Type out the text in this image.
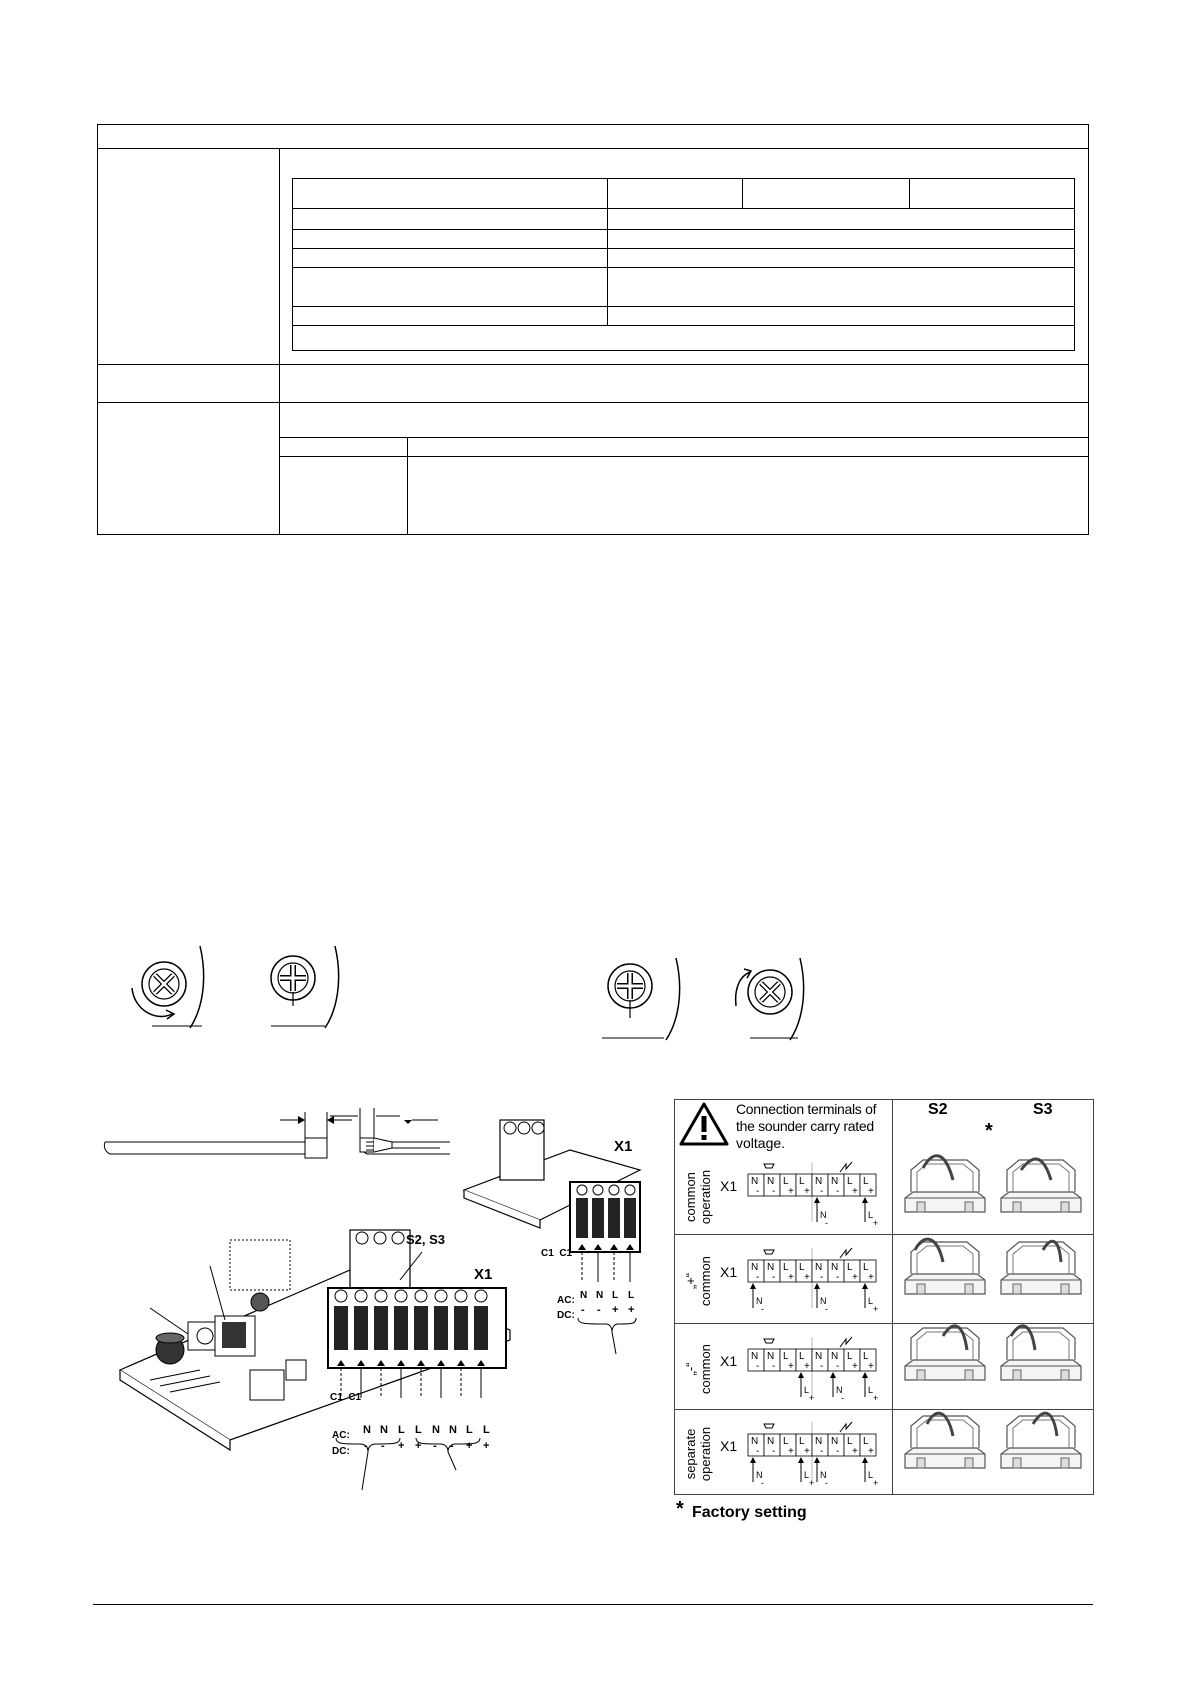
X1
C1  C1
AC:
DC:
N N L L
- - + +
X1
S2, S3
C1  C1
AC:
DC:
N N L L N N L L
- - + + - - + +
Connection terminals of
the sounder carry rated
voltage.
S2	S3
*
common operation
„+“ common
„-“ common
separate operation
X1 N
-
N
-
L
+
L
+
N
-
N
-
L
+
L
+
N
-
L
+
X1 N
-
N
-
L
+
L
+
N
-
N
-
L
+
L
+
N
-
N
-
L
+
X1 N
-
N
-
L
+
L
+
N
-
N
-
L
+
L
+
L
+
N
-
L
+
X1 N
-
N
-
L
+
L
+
N
-
N
-
L
+
L
+
N
-
L
+
N
-
L
+
* Factory setting
